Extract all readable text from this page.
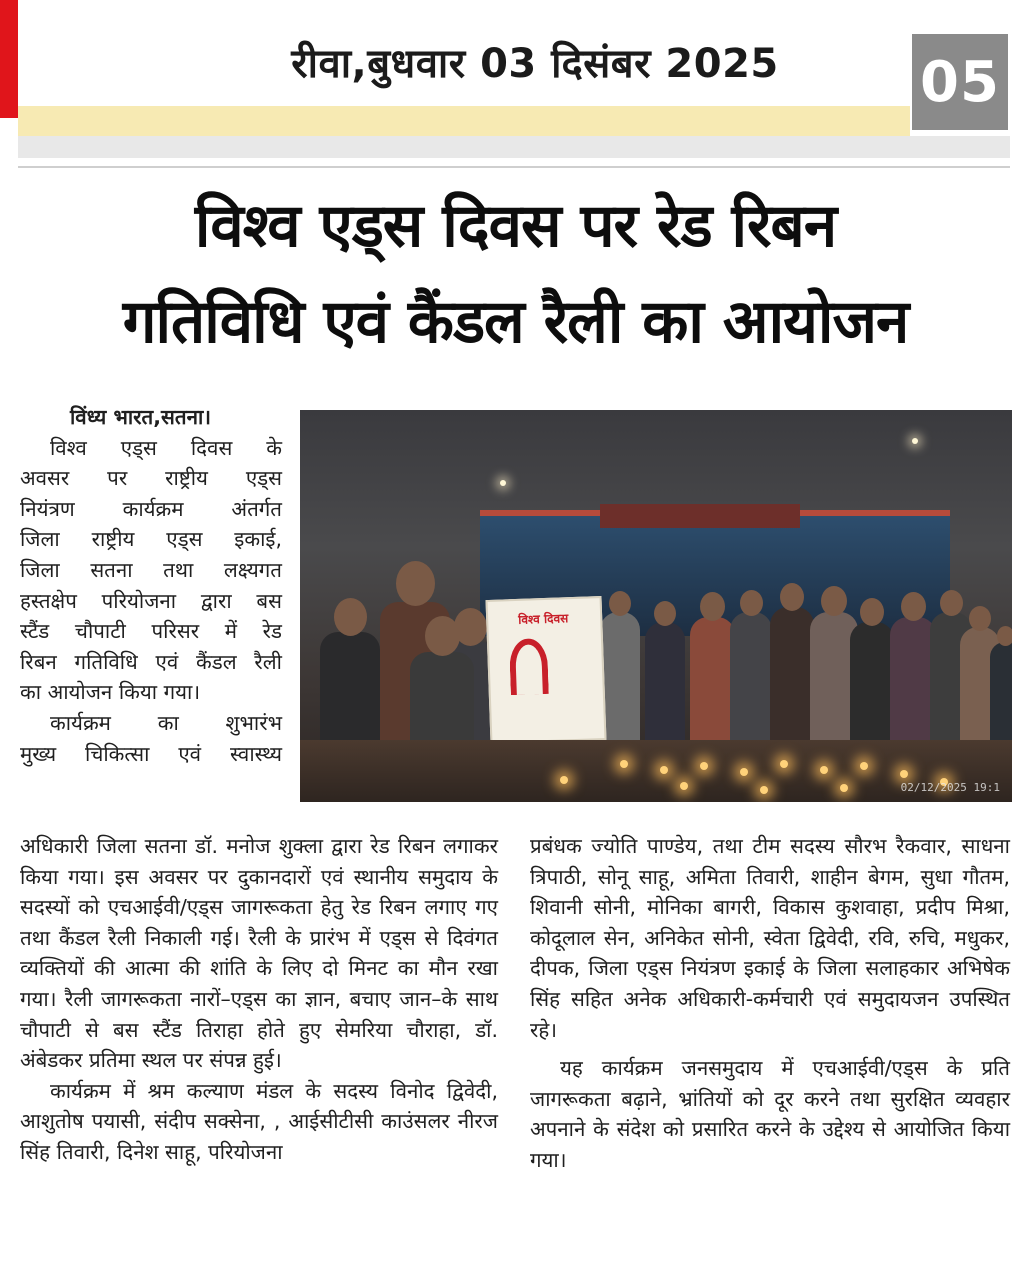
रीवा,बुधवार 03 दिसंबर 2025	05
विश्व एड्स दिवस पर रेड रिबन
गतिविधि एवं कैंडल रैली का आयोजन

विंध्य भारत,सतना।

विश्व एड्स दिवस के

अवसर पर राष्ट्रीय एड्स

नियंत्रण कार्यक्रम अंतर्गत

जिला राष्ट्रीय एड्स इकाई,

जिला सतना तथा लक्ष्यगत

हस्तक्षेप परियोजना द्वारा बस

स्टैंड चौपाटी परिसर में रेड

रिबन गतिविधि एवं कैंडल रैली

का आयोजन किया गया।

कार्यक्रम का शुभारंभ

मुख्य चिकित्सा एवं स्वास्थ्य

विश्व दिवस
02/12/2025 19:1

अधिकारी जिला सतना डॉ. मनोज शुक्ला द्वारा रेड रिबन लगाकर किया गया। इस अवसर पर दुकानदारों एवं स्थानीय समुदाय के सदस्यों को एचआईवी/एड्स जागरूकता हेतु रेड रिबन लगाए गए तथा कैंडल रैली निकाली गई। रैली के प्रारंभ में एड्स से दिवंगत व्यक्तियों की आत्मा की शांति के लिए दो मिनट का मौन रखा गया। रैली जागरूकता नारों–एड्स का ज्ञान, बचाए जान–के साथ चौपाटी से बस स्टैंड तिराहा होते हुए सेमरिया चौराहा, डॉ. अंबेडकर प्रतिमा स्थल पर संपन्न हुई।

कार्यक्रम में श्रम कल्याण मंडल के सदस्य विनोद द्विवेदी, आशुतोष पयासी, संदीप सक्सेना, , आईसीटीसी काउंसलर नीरज सिंह तिवारी, दिनेश साहू, परियोजना

प्रबंधक ज्योति पाण्डेय, तथा टीम सदस्य सौरभ रैकवार, साधना त्रिपाठी, सोनू साहू, अमिता तिवारी, शाहीन बेगम, सुधा गौतम, शिवानी सोनी, मोनिका बागरी, विकास कुशवाहा, प्रदीप मिश्रा, कोदूलाल सेन, अनिकेत सोनी, स्वेता द्विवेदी, रवि, रुचि, मधुकर, दीपक, जिला एड्स नियंत्रण इकाई के जिला सलाहकार अभिषेक सिंह सहित अनेक अधिकारी-कर्मचारी एवं समुदायजन उपस्थित रहे।

यह कार्यक्रम जनसमुदाय में एचआईवी/एड्स के प्रति जागरूकता बढ़ाने, भ्रांतियों को दूर करने तथा सुरक्षित व्यवहार अपनाने के संदेश को प्रसारित करने के उद्देश्य से आयोजित किया गया।
